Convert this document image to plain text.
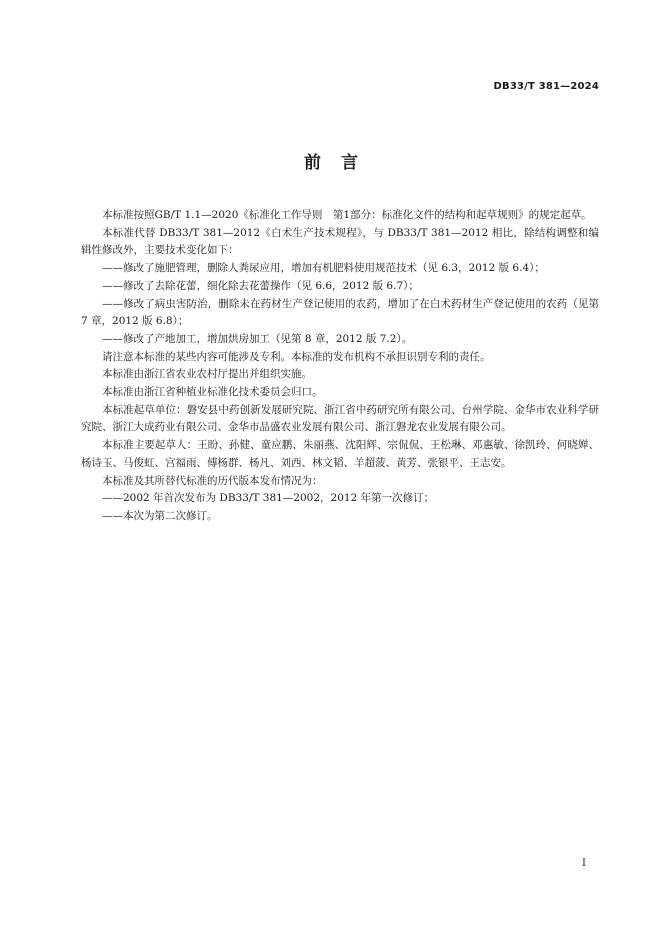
DB33/T 381—2024
前言

本标准按照GB/T 1.1—2020《标准化工作导则　第1部分：标准化文件的结构和起草规则》的规定起草。

本标准代替 DB33/T 381—2012《白术生产技术规程》，与 DB33/T 381—2012 相比，除结构调整和编辑性修改外，主要技术变化如下：

——修改了施肥管理，删除人粪尿应用，增加有机肥料使用规范技术（见 6.3，2012 版 6.4）；

——修改了去除花蕾，细化除去花蕾操作（见 6.6，2012 版 6.7）；

——修改了病虫害防治，删除未在药材生产登记使用的农药，增加了在白术药材生产登记使用的农药（见第 7 章，2012 版 6.8）；

——修改了产地加工，增加烘房加工（见第 8 章，2012 版 7.2）。

请注意本标准的某些内容可能涉及专利。本标准的发布机构不承担识别专利的责任。

本标准由浙江省农业农村厅提出并组织实施。

本标准由浙江省种植业标准化技术委员会归口。

本标准起草单位：磐安县中药创新发展研究院、浙江省中药研究所有限公司、台州学院、金华市农业科学研究院、浙江大成药业有限公司、金华市品盛农业发展有限公司、浙江磐龙农业发展有限公司。

本标准主要起草人：王盼、孙健、童应鹏、朱丽燕、沈阳辉、宗侃侃、王松琳、邓惠敏、徐凯玲、何晓婵、杨诗玉、马俊虹、宫福雨、傅杨群、杨凡、刘西、林文韬、羊超菠、黄芳、张银平、王志安。

本标准及其所替代标准的历代版本发布情况为：

——2002 年首次发布为 DB33/T 381—2002，2012 年第一次修订；

——本次为第二次修订。

I
